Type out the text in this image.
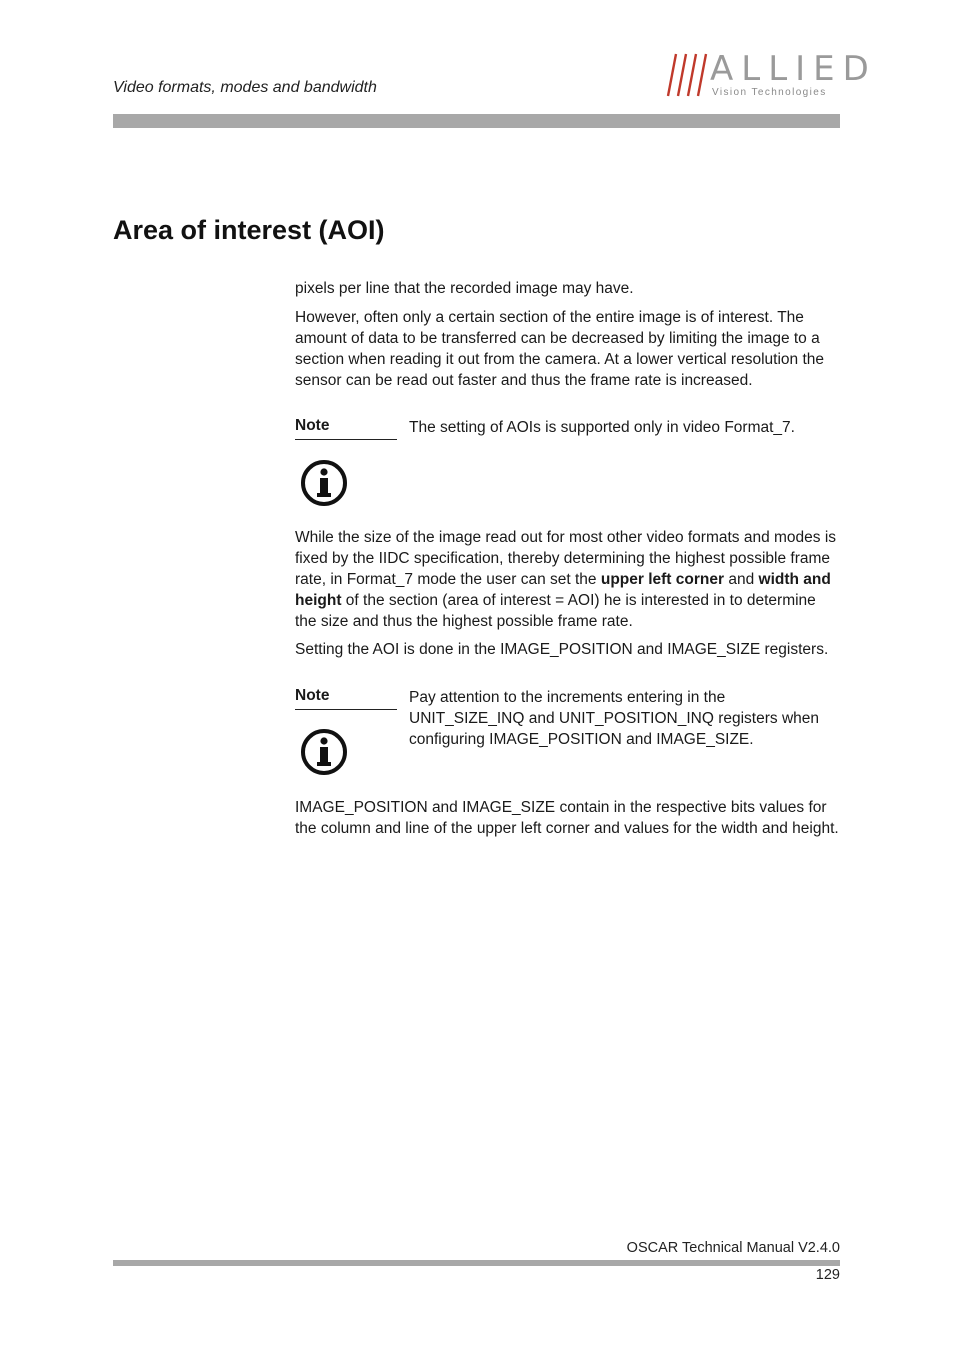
Video formats, modes and bandwidth	ALLIED
Vision Technologies
Area of interest (AOI)

pixels per line that the recorded image may have.

However, often only a certain section of the entire image is of interest. The amount of data to be transferred can be decreased by limiting the image to a section when reading it out from the camera. At a lower vertical resolution the sensor can be read out faster and thus the frame rate is increased.

Note	The setting of AOIs is supported only in video Format_7.

While the size of the image read out for most other video formats and modes is fixed by the IIDC specification, thereby determining the highest possible frame rate, in Format_7 mode the user can set the upper left corner and width and height of the section (area of interest = AOI) he is interested in to determine the size and thus the highest possible frame rate.

Setting the AOI is done in the IMAGE_POSITION and IMAGE_SIZE registers.

Note	Pay attention to the increments entering in the UNIT_SIZE_INQ and UNIT_POSITION_INQ registers when configuring IMAGE_POSITION and IMAGE_SIZE.

IMAGE_POSITION and IMAGE_SIZE contain in the respective bits values for the column and line of the upper left corner and values for the width and height.

OSCAR Technical Manual V2.4.0
129
